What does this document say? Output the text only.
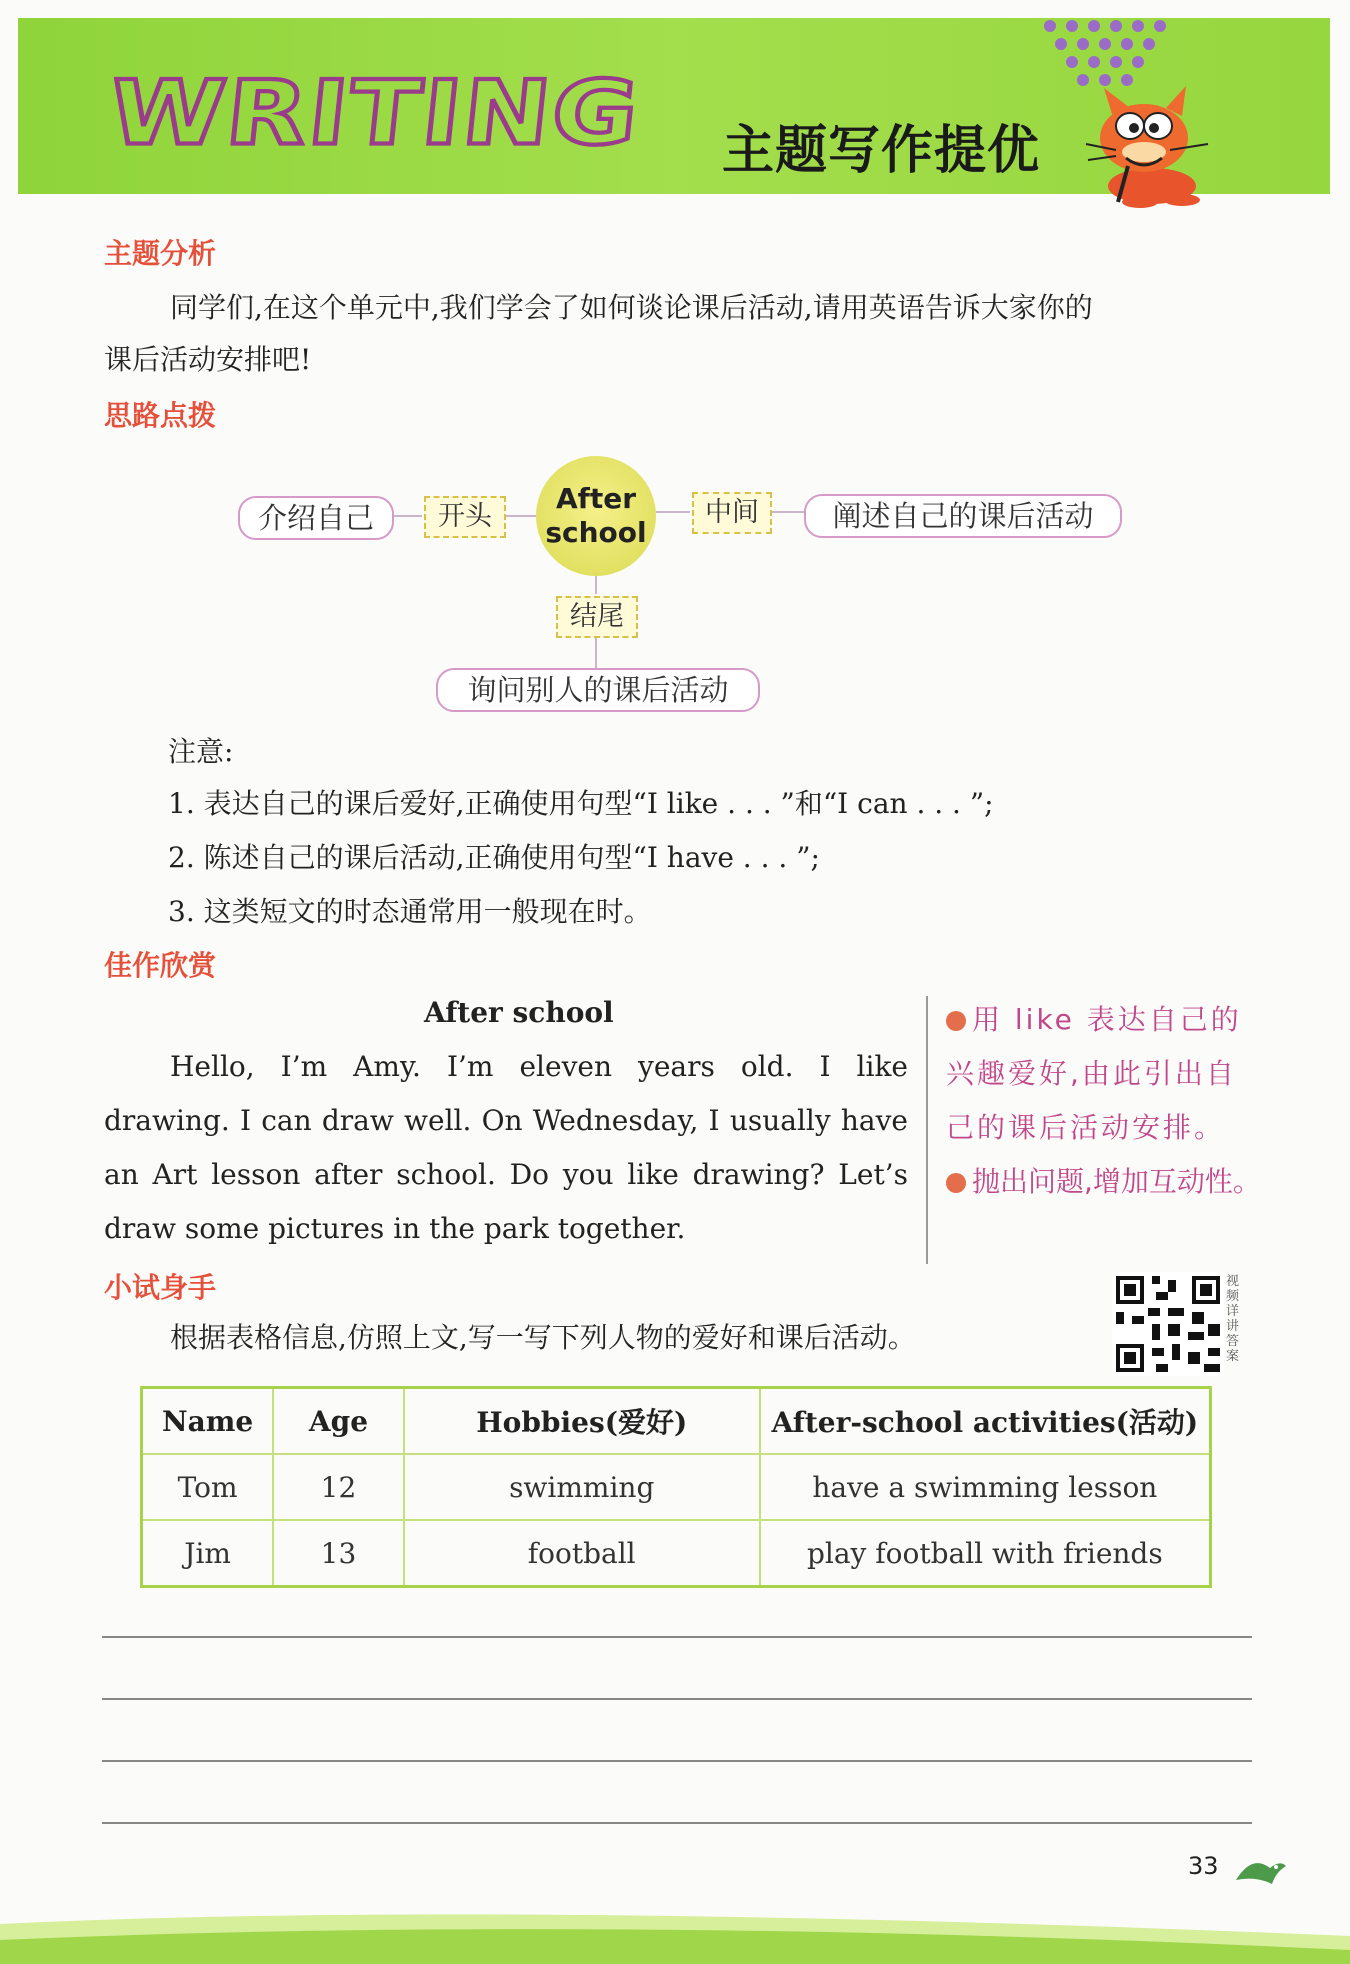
WRITING 主题写作提优
主题分析
同学们,在这个单元中,我们学会了如何谈论课后活动,请用英语告诉大家你的
课后活动安排吧!
思路点拨
介绍自己	开头
After
school
中间	阐述自己的课后活动
结尾
询问别人的课后活动
注意:
1. 表达自己的课后爱好,正确使用句型“I like . . . ”和“I can . . . ”;
2. 陈述自己的课后活动,正确使用句型“I have . . . ”;
3. 这类短文的时态通常用一般现在时。
佳作欣赏
After school
Hello, I’m Amy. I’m eleven years old. I like
drawing. I can draw well. On Wednesday, I usually have
an Art lesson after school. Do you like drawing? Let’s
draw some pictures in the park together.
用 like 表达自己的
兴趣爱好,由此引出自
己的课后活动安排。
抛出问题,增加互动性。
小试身手
根据表格信息,仿照上文,写一写下列人物的爱好和课后活动。
视频详讲答案
Name	Age	Hobbies(爱好)	After-school activities(活动)
Tom	12	swimming	have a swimming lesson
Jim	13	football	play football with friends
33
